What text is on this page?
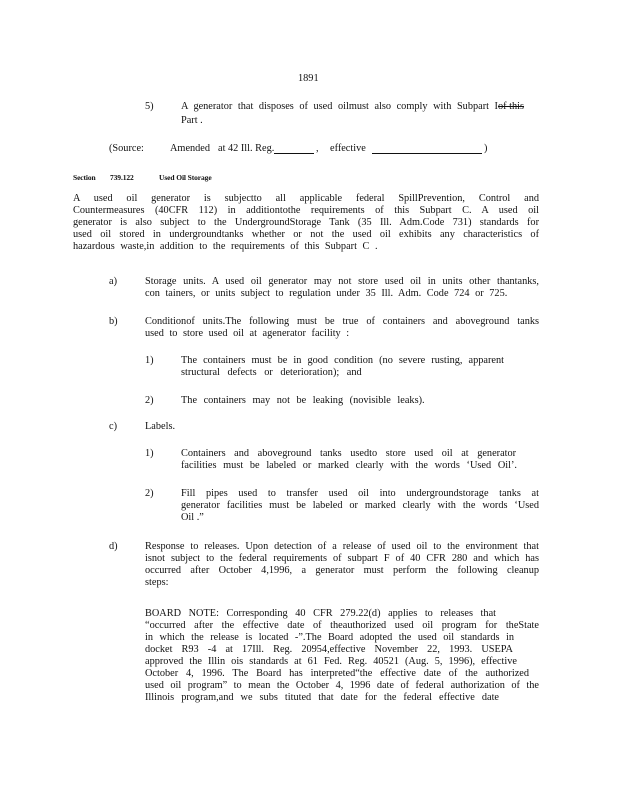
1891
5)	A generator that disposes of used oilmust also comply with Subpart Iof this
Part .
(Source:	Amended at 42 Ill. Reg.	, effective	)
Section 739.122	Used Oil Storage
A used oil generator is subjectto all applicable federal SpillPrevention, Control and
Countermeasures (40CFR 112) in additiontothe requirements of this Subpart C. A used oil
generator is also subject to the UndergroundStorage Tank (35 Ill. Adm.Code 731) standards for
used oil stored in undergroundtanks whether or not the used oil exhibits any characteristics of
hazardous waste,in addition to the requirements of this Subpart C .
a)	Storage units. A used oil generator may not store used oil in units other thantanks,
con tainers, or units subject to regulation under 35 Ill. Adm. Code 724 or 725.
b)	Conditionof units.The following must be true of containers and aboveground tanks
used to store used oil at agenerator facility :
1)	The containers must be in good condition (no severe rusting, apparent
structural defects or deterioration); and
2)	The containers may not be leaking (novisible leaks).
c)	Labels.
1)	Containers and aboveground tanks usedto store used oil at generator
facilities must be labeled or marked clearly with the words ‘Used Oil’.
2)	Fill pipes used to transfer used oil into undergroundstorage tanks at
generator facilities must be labeled or marked clearly with the words ‘Used
Oil .”
d)	Response to releases. Upon detection of a release of used oil to the environment that
isnot subject to the federal requirements of subpart F of 40 CFR 280 and which has
occurred after October 4,1996, a generator must perform the following cleanup
steps:
BOARD NOTE: Corresponding 40 CFR 279.22(d) applies to releases that
“occurred after the effective date of theauthorized used oil program for theState
in which the release is located -”.The Board adopted the used oil standards in
docket R93 -4 at 17Ill. Reg. 20954,effective November 22, 1993. USEPA
approved the Illin ois standards at 61 Fed. Reg. 40521 (Aug. 5, 1996), effective
October 4, 1996. The Board has interpreted“the effective date of the authorized
used oil program” to mean the October 4, 1996 date of federal authorization of the
Illinois program,and we subs tituted that date for the federal effective date
